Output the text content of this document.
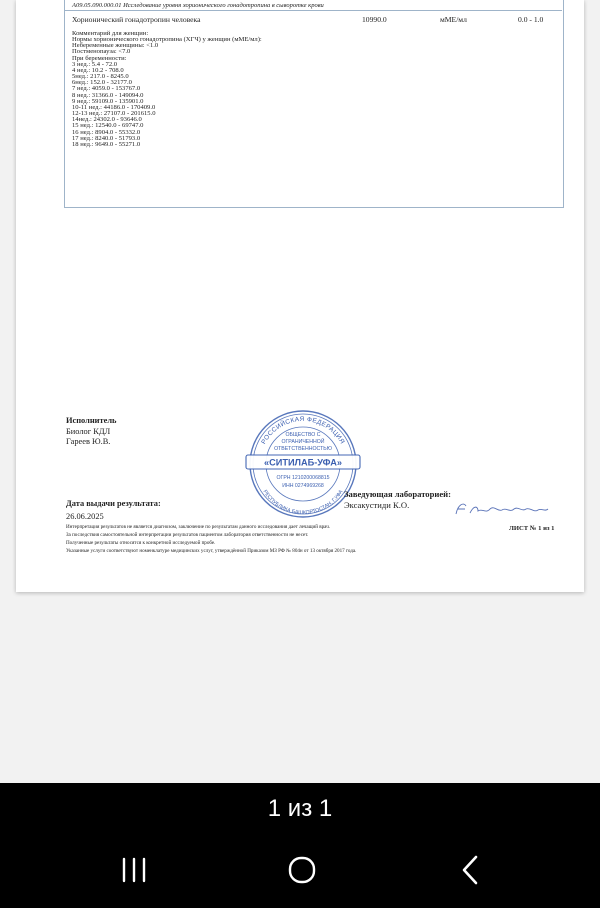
A09.05.090.000.01 Исследование уровня хорионического гонадотропина в сыворотке крови
Хорионический гонадотропин человека	10990.0	мМЕ/мл	0.0 - 1.0
Комментарий для женщин:
Нормы хорионического гонадотропина (ХГЧ) у женщин (мМЕ/мл):
Небеременные женщины: <1.0
Постменопауза: <7.0
При беременности:
3 нед.: 5.4 - 72.0
4 нед.: 10.2 - 708.0
5нед.: 217.0 - 8245.0
6нед.: 152.0 - 32177.0
7 нед.: 4059.0 - 153767.0
8 нед.: 31366.0 - 149094.0
9 нед.: 59109.0 - 135901.0
10-11 нед.: 44186.0 - 170409.0
12-13 нед.: 27107.0 - 201615.0
14нед.: 24302.0 - 93646.0
15 нед.: 12540.0 - 69747.0
16 нед.: 8904.0 - 55332.0
17 нед.: 8240.0 - 51793.0
18 нед.: 9649.0 - 55271.0
Исполнитель
Биолог КДЛ
Гареев Ю.В.	РОССИЙСКАЯ ФЕДЕРАЦИЯ
РЕСПУБЛИКА БАШКОРТОСТАН, Г.УФА
ОБЩЕСТВО С
ОГРАНИЧЕННОЙ
ОТВЕТСТВЕННОСТЬЮ
«СИТИЛАБ-УФА»
ОГРН 1210200068815
ИНН 0274969268
Дата выдачи результата:
26.06.2025
Заведующая лабораторией:
Эксакустиди К.О.
ЛИСТ № 1 из 1
Интерпретация результатов не является диагнозом, заключение по результатам данного исследования дает лечащий врач.
За последствия самостоятельной интерпретации результатов пациентом лаборатория ответственности не несет.
Полученные результаты относятся к конкретной исследуемой пробе.
Указанные услуги соответствуют номенклатуре медицинских услуг, утверждённой Приказом МЗ РФ № 804н от 13 октября 2017 года.
1 из 1
